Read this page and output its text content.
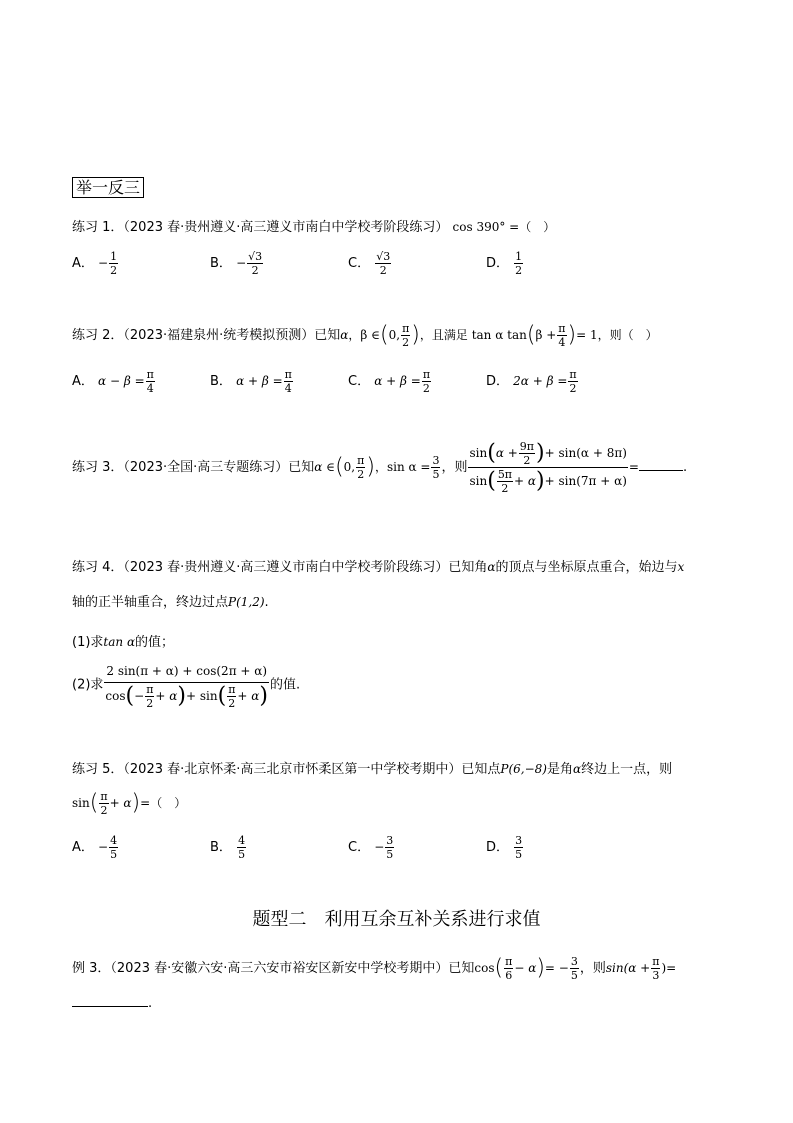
举一反三
练习 1．（2023 春·贵州遵义·高三遵义市南白中学校考阶段练习） cos 390° =（　）
A． − $\frac{1}{2}$	B． − $\frac{√3}{2}$	C． $\frac{√3}{2}$	D． $\frac{1}{2}$
练习 2．（2023·福建泉州·统考模拟预测）已知α，β ∈(0, $\frac{\pi}{2}$ )，且满足 tan α $\tan(\beta + \frac{\pi}{4}$ )= 1，则（　）
A． $\alpha - \beta = \frac{\pi}{4}$	B． $\alpha + \beta = \frac{\pi}{4}$	C． $\alpha + \beta = \frac{\pi}{2}$	D． $2\alpha + \beta = \frac{\pi}{2}$
练习 3．（2023·全国·高三专题练习）已知α ∈(0, $\frac{\pi}{2}$ )，$\sin \alpha = \frac{3}{5}$ ，则 $\frac{\sin(\alpha + \frac{9\pi}{2} )+ \sin(\alpha + 8\pi)}{\sin( \frac{5\pi}{2} + \alpha)+ \sin(7\pi + \alpha)}$ =	.
练习 4．（2023 春·贵州遵义·高三遵义市南白中学校考阶段练习）已知角α的顶点与坐标原点重合，始边与x
轴的正半轴重合，终边过点P(1,2).
(1)求tan α的值；
(2)求 $\frac{2 \sin(\pi + \alpha) + \cos(2\pi + \alpha)}{\cos(- \frac{\pi}{2} + \alpha)+ \sin( \frac{\pi}{2} + \alpha)}$ 的值.
练习 5．（2023 春·北京怀柔·高三北京市怀柔区第一中学校考期中）已知点P(6,−8)是角α终边上一点，则
$\sin( \frac{\pi}{2} + \alpha)=$（　）
A． − $\frac{4}{5}$	B． $\frac{4}{5}$	C． − $\frac{3}{5}$	D． $\frac{3}{5}$
题型二　利用互余互补关系进行求值
例 3．（2023 春·安徽六安·高三六安市裕安区新安中学校考期中）已知$\cos( \frac{\pi}{6} - \alpha)= - \frac{3}{5}$ ，则$\sin(\alpha + \frac{\pi}{3}$ )=
.
